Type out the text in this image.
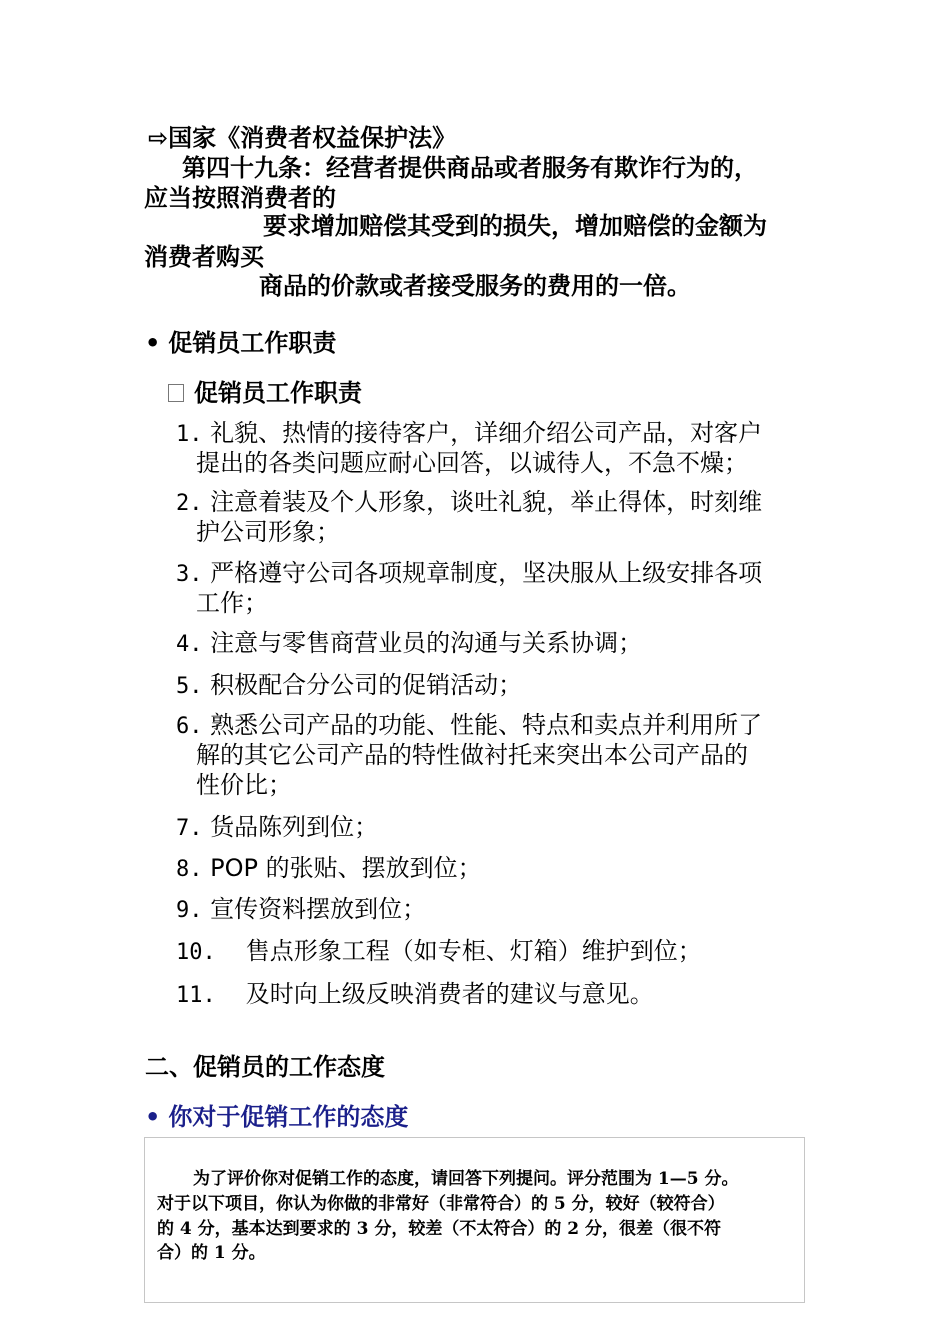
⇨国家《消费者权益保护法》
第四十九条：经营者提供商品或者服务有欺诈行为的，
应当按照消费者的
要求增加赔偿其受到的损失，增加赔偿的金额为
消费者购买
商品的价款或者接受服务的费用的一倍。
• 促销员工作职责
促销员工作职责
1. 礼貌、热情的接待客户，详细介绍公司产品，对客户
提出的各类问题应耐心回答，以诚待人，不急不燥；
2. 注意着装及个人形象，谈吐礼貌，举止得体，时刻维
护公司形象；
3. 严格遵守公司各项规章制度，坚决服从上级安排各项
工作；
4. 注意与零售商营业员的沟通与关系协调；
5. 积极配合分公司的促销活动；
6. 熟悉公司产品的功能、性能、特点和卖点并利用所了
解的其它公司产品的特性做衬托来突出本公司产品的
性价比；
7. 货品陈列到位；
8. POP 的张贴、摆放到位；
9. 宣传资料摆放到位；
10. 售点形象工程（如专柜、灯箱）维护到位；
11. 及时向上级反映消费者的建议与意见。
二、促销员的工作态度
• 你对于促销工作的态度
为了评价你对促销工作的态度，请回答下列提问。评分范围为 1—5 分。
对于以下项目，你认为你做的非常好（非常符合）的 5 分，较好（较符合）
的 4 分，基本达到要求的 3 分，较差（不太符合）的 2 分，很差（很不符
合）的 1 分。
